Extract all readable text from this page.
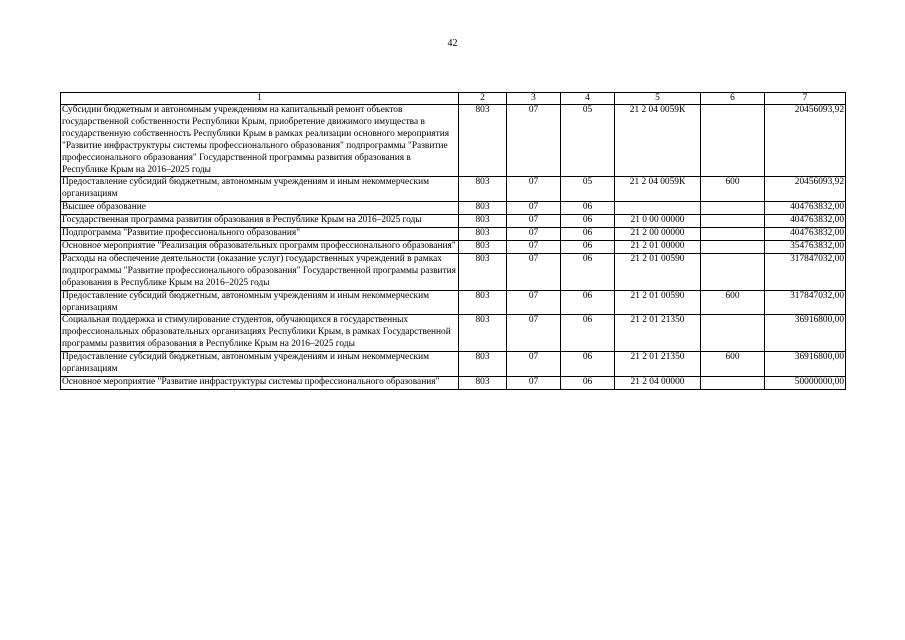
42
1	2	3	4	5	6	7
Субсидии бюджетным и автономным учреждениям на капитальный ремонт объектов государственной собственности Республики Крым, приобретение движимого имущества в государственную собственность Республики Крым в рамках реализации основного мероприятия "Развитие инфраструктуры системы профессионального образования" подпрограммы "Развитие профессионального образования" Государственной программы развития образования в Республике Крым на 2016–2025 годы	803	07	05	21 2 04 0059К		20456093,92
Предоставление субсидий бюджетным, автономным учреждениям и иным некоммерческим организациям	803	07	05	21 2 04 0059К	600	20456093,92
Высшее образование	803	07	06			404763832,00
Государственная программа развития образования в Республике Крым на 2016–2025 годы	803	07	06	21 0 00 00000		404763832,00
Подпрограмма "Развитие профессионального образования"	803	07	06	21 2 00 00000		404763832,00
Основное мероприятие "Реализация образовательных программ профессионального образования"	803	07	06	21 2 01 00000		354763832,00
Расходы на обеспечение деятельности (оказание услуг) государственных учреждений в рамках подпрограммы "Развитие профессионального образования" Государственной программы развития образования в Республике Крым на 2016–2025 годы	803	07	06	21 2 01 00590		317847032,00
Предоставление субсидий бюджетным, автономным учреждениям и иным некоммерческим организациям	803	07	06	21 2 01 00590	600	317847032,00
Социальная поддержка и стимулирование студентов, обучающихся в государственных профессиональных образовательных организациях Республики Крым, в рамках Государственной программы развития образования в Республике Крым на 2016–2025 годы	803	07	06	21 2 01 21350		36916800,00
Предоставление субсидий бюджетным, автономным учреждениям и иным некоммерческим организациям	803	07	06	21 2 01 21350	600	36916800,00
Основное мероприятие "Развитие инфраструктуры системы профессионального образования"	803	07	06	21 2 04 00000		50000000,00
